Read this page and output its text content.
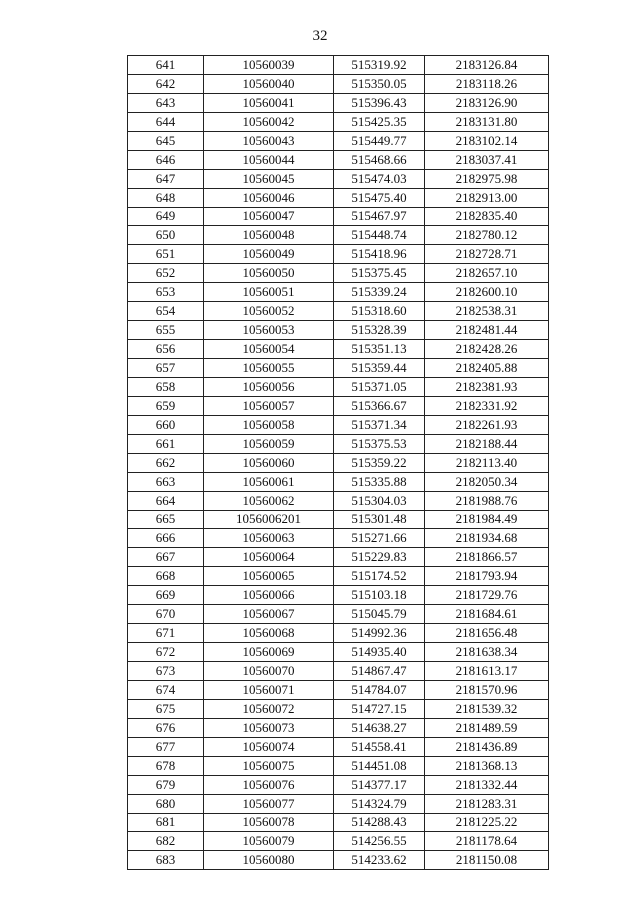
32
641	10560039	515319.92	2183126.84
642	10560040	515350.05	2183118.26
643	10560041	515396.43	2183126.90
644	10560042	515425.35	2183131.80
645	10560043	515449.77	2183102.14
646	10560044	515468.66	2183037.41
647	10560045	515474.03	2182975.98
648	10560046	515475.40	2182913.00
649	10560047	515467.97	2182835.40
650	10560048	515448.74	2182780.12
651	10560049	515418.96	2182728.71
652	10560050	515375.45	2182657.10
653	10560051	515339.24	2182600.10
654	10560052	515318.60	2182538.31
655	10560053	515328.39	2182481.44
656	10560054	515351.13	2182428.26
657	10560055	515359.44	2182405.88
658	10560056	515371.05	2182381.93
659	10560057	515366.67	2182331.92
660	10560058	515371.34	2182261.93
661	10560059	515375.53	2182188.44
662	10560060	515359.22	2182113.40
663	10560061	515335.88	2182050.34
664	10560062	515304.03	2181988.76
665	1056006201	515301.48	2181984.49
666	10560063	515271.66	2181934.68
667	10560064	515229.83	2181866.57
668	10560065	515174.52	2181793.94
669	10560066	515103.18	2181729.76
670	10560067	515045.79	2181684.61
671	10560068	514992.36	2181656.48
672	10560069	514935.40	2181638.34
673	10560070	514867.47	2181613.17
674	10560071	514784.07	2181570.96
675	10560072	514727.15	2181539.32
676	10560073	514638.27	2181489.59
677	10560074	514558.41	2181436.89
678	10560075	514451.08	2181368.13
679	10560076	514377.17	2181332.44
680	10560077	514324.79	2181283.31
681	10560078	514288.43	2181225.22
682	10560079	514256.55	2181178.64
683	10560080	514233.62	2181150.08
